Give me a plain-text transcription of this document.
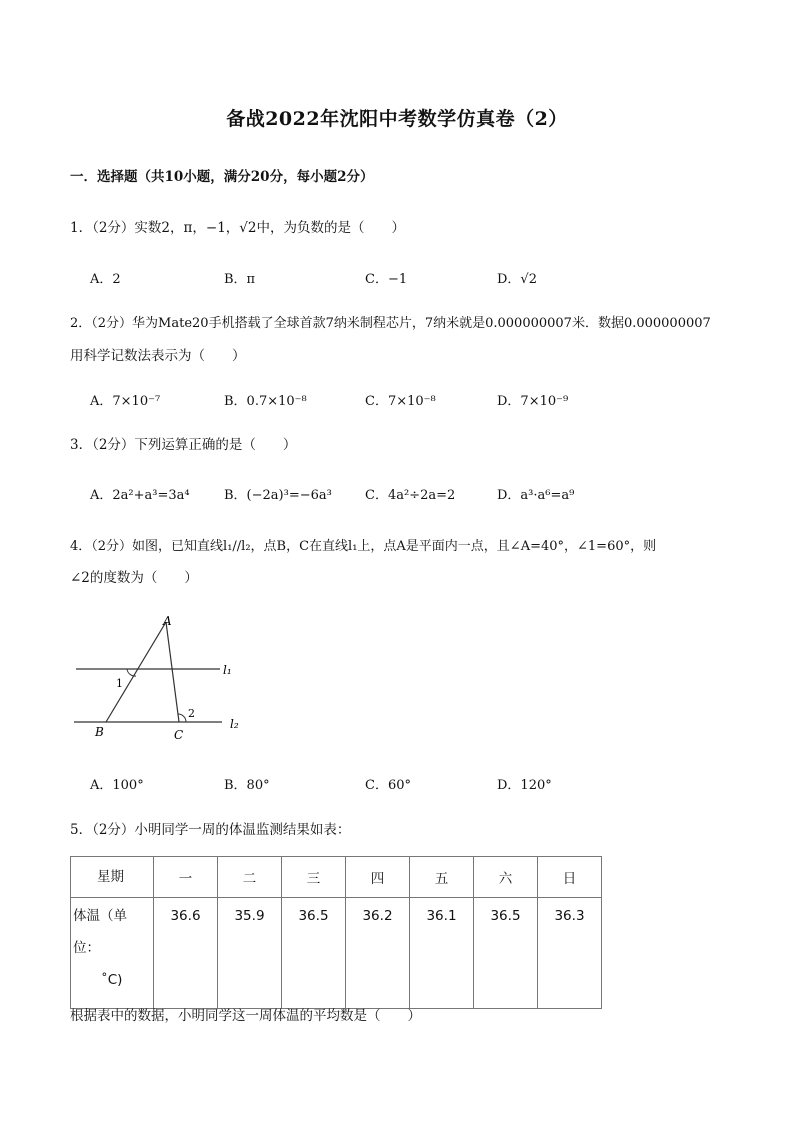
备战2022年沈阳中考数学仿真卷（2）
一．选择题（共10小题，满分20分，每小题2分）
1．（2分）实数2，π，−1，√2中，为负数的是（　　）
A．2	B．π	C．−1	D．√2
2．（2分）华为Mate20手机搭载了全球首款7纳米制程芯片，7纳米就是0.000000007米．数据0.000000007
用科学记数法表示为（　　）
A．7×10⁻⁷	B．0.7×10⁻⁸	C．7×10⁻⁸	D．7×10⁻⁹
3．（2分）下列运算正确的是（　　）
A．2a²+a³=3a⁴	B．(−2a)³=−6a³	C．4a²÷2a=2	D．a³·a⁶=a⁹
4．（2分）如图，已知直线l₁//l₂，点B，C在直线l₁上，点A是平面内一点，且∠A=40°，∠1=60°，则
∠2的度数为（　　）
A
B	C
1
2
l₁
l₂
A．100°	B．80°	C．60°	D．120°
5．（2分）小明同学一周的体温监测结果如表：
星期	一	二	三	四	五	六	日

体温（单位：
˚C)	36.6	35.9	36.5	36.2	36.1	36.5	36.3
根据表中的数据，小明同学这一周体温的平均数是（　　）
